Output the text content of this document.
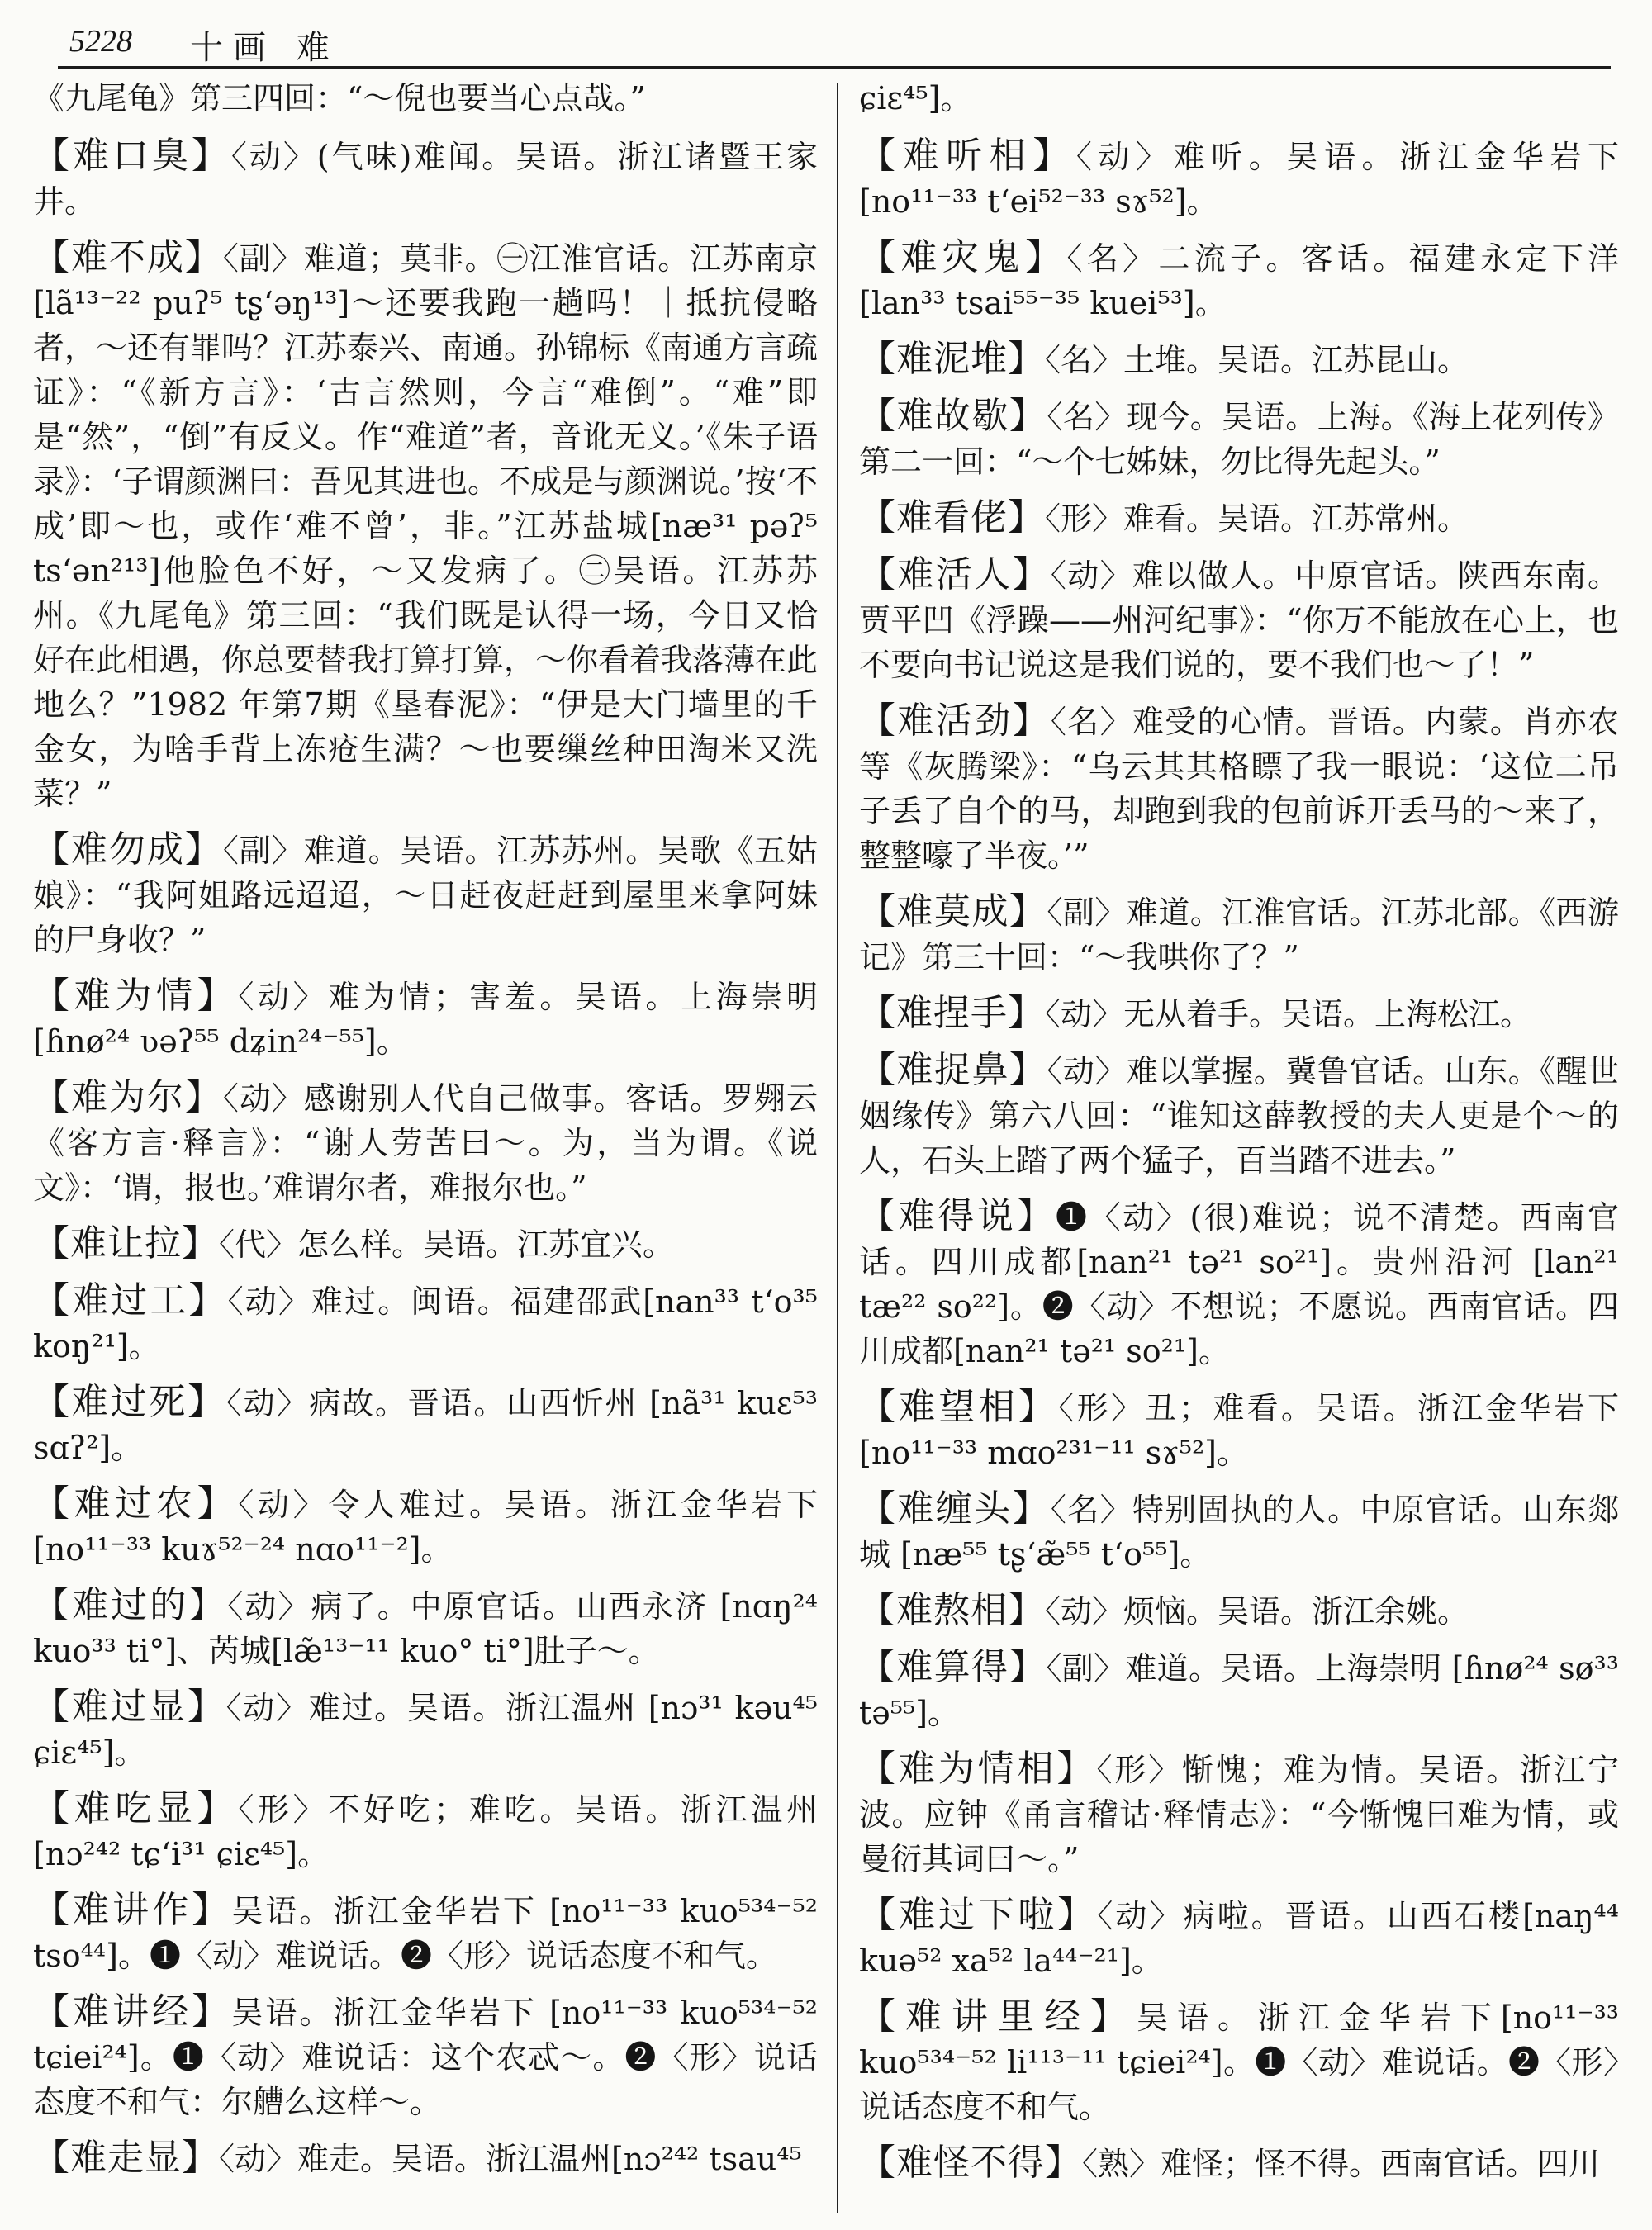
5228 十画 难

《九尾龟》第三四回：“～倪也要当心点哉。”

【难口臭】〈动〉(气味)难闻。吴语。浙江诸暨王家井。

【难不成】〈副〉难道；莫非。㊀江淮官话。江苏南京[lã¹³⁻²² puʔ⁵ tʂʻəŋ¹³]～还要我跑一趟吗！｜抵抗侵略者，～还有罪吗？江苏泰兴、南通。孙锦标《南通方言疏证》：“《新方言》：‘古言然则，今言“难倒”。“难”即是“然”，“倒”有反义。作“难道”者，音讹无义。’《朱子语录》：‘子谓颜渊曰：吾见其进也。不成是与颜渊说。’按‘不成’即～也，或作‘难不曾’，非。”江苏盐城[næ³¹ pəʔ⁵ tsʻən²¹³]他脸色不好，～又发病了。㊁吴语。江苏苏州。《九尾龟》第三回：“我们既是认得一场，今日又恰好在此相遇，你总要替我打算打算，～你看着我落薄在此地么？”1982 年第7期《垦春泥》：“伊是大门墙里的千金女，为啥手背上冻疮生满？～也要缫丝种田淘米又洗菜？”

【难勿成】〈副〉难道。吴语。江苏苏州。吴歌《五姑娘》：“我阿姐路远迢迢，～日赶夜赶赶到屋里来拿阿妹的尸身收？”

【难为情】〈动〉难为情；害羞。吴语。上海崇明[ɦnø²⁴ ʋəʔ⁵⁵ dʑin²⁴⁻⁵⁵]。

【难为尔】〈动〉感谢别人代自己做事。客话。罗翙云《客方言·释言》：“谢人劳苦曰～。为，当为谓。《说文》：‘谓，报也。’难谓尔者，难报尔也。”

【难让拉】〈代〉怎么样。吴语。江苏宜兴。

【难过工】〈动〉难过。闽语。福建邵武[nan³³ tʻo³⁵ koŋ²¹]。

【难过死】〈动〉病故。晋语。山西忻州 [nã³¹ kuɛ⁵³ sɑʔ²]。

【难过农】〈动〉令人难过。吴语。浙江金华岩下[no¹¹⁻³³ kuɤ⁵²⁻²⁴ nɑo¹¹⁻²]。

【难过的】〈动〉病了。中原官话。山西永济 [nɑŋ²⁴ kuo³³ ti°]、芮城[læ̃¹³⁻¹¹ kuo° ti°]肚子～。

【难过显】〈动〉难过。吴语。浙江温州 [nɔ³¹ kəu⁴⁵ ɕiɛ⁴⁵]。

【难吃显】〈形〉不好吃；难吃。吴语。浙江温州 [nɔ²⁴² tɕʻi³¹ ɕiɛ⁴⁵]。

【难讲作】吴语。浙江金华岩下 [no¹¹⁻³³ kuo⁵³⁴⁻⁵² tso⁴⁴]。❶〈动〉难说话。❷〈形〉说话态度不和气。

【难讲经】吴语。浙江金华岩下 [no¹¹⁻³³ kuo⁵³⁴⁻⁵² tɕiei²⁴]。❶〈动〉难说话：这个农忒～。❷〈形〉说话态度不和气：尔艚么这样～。

【难走显】〈动〉难走。吴语。浙江温州[nɔ²⁴² tsau⁴⁵

ɕiɛ⁴⁵]。

【难听相】〈动〉难听。吴语。浙江金华岩下 [no¹¹⁻³³ tʻei⁵²⁻³³ sɤ⁵²]。

【难灾鬼】〈名〉二流子。客话。福建永定下洋 [lan³³ tsai⁵⁵⁻³⁵ kuei⁵³]。

【难泥堆】〈名〉土堆。吴语。江苏昆山。

【难故歇】〈名〉现今。吴语。上海。《海上花列传》第二一回：“～个七姊妹，勿比得先起头。”

【难看佬】〈形〉难看。吴语。江苏常州。

【难活人】〈动〉难以做人。中原官话。陕西东南。贾平凹《浮躁——州河纪事》：“你万不能放在心上，也不要向书记说这是我们说的，要不我们也～了！”

【难活劲】〈名〉难受的心情。晋语。内蒙。肖亦农等《灰腾梁》：“乌云其其格瞟了我一眼说：‘这位二吊子丢了自个的马，却跑到我的包前诉开丢马的～来了，整整嚎了半夜。’”

【难莫成】〈副〉难道。江淮官话。江苏北部。《西游记》第三十回：“～我哄你了？”

【难捏手】〈动〉无从着手。吴语。上海松江。

【难捉鼻】〈动〉难以掌握。冀鲁官话。山东。《醒世姻缘传》第六八回：“谁知这薛教授的夫人更是个～的人，石头上踏了两个猛子，百当踏不进去。”

【难得说】❶〈动〉(很)难说；说不清楚。西南官话。四川成都[nan²¹ tə²¹ so²¹]。贵州沿河 [lan²¹ tæ²² so²²]。❷〈动〉不想说；不愿说。西南官话。四川成都[nan²¹ tə²¹ so²¹]。

【难望相】〈形〉丑；难看。吴语。浙江金华岩下[no¹¹⁻³³ mɑo²³¹⁻¹¹ sɤ⁵²]。

【难缠头】〈名〉特别固执的人。中原官话。山东郯城 [næ⁵⁵ tʂʻæ̃⁵⁵ tʻo⁵⁵]。

【难熬相】〈动〉烦恼。吴语。浙江余姚。

【难算得】〈副〉难道。吴语。上海崇明 [ɦnø²⁴ sø³³ tə⁵⁵]。

【难为情相】〈形〉惭愧；难为情。吴语。浙江宁波。应钟《甬言稽诂·释情志》：“今惭愧曰难为情，或曼衍其词曰～。”

【难过下啦】〈动〉病啦。晋语。山西石楼[naŋ⁴⁴ kuə⁵² xa⁵² la⁴⁴⁻²¹]。

【难讲里经】吴语。浙江金华岩下[no¹¹⁻³³ kuo⁵³⁴⁻⁵² li¹¹³⁻¹¹ tɕiei²⁴]。❶〈动〉难说话。❷〈形〉说话态度不和气。

【难怪不得】〈熟〉难怪；怪不得。西南官话。四川
